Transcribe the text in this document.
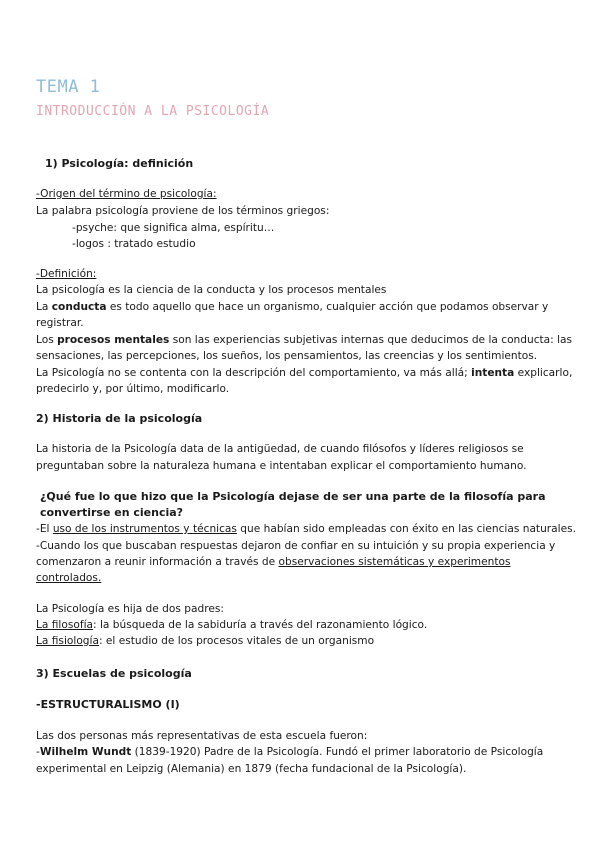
TEMA 1
INTRODUCCIÓN A LA PSICOLOGÍA
1) Psicología: definición
-Origen del término de psicología:
La palabra psicología proviene de los términos griegos:
-psyche: que significa alma, espíritu…
-logos : tratado estudio
-Definición:
La psicología es la ciencia de la conducta y los procesos mentales
La conducta es todo aquello que hace un organismo, cualquier acción que podamos observar y
registrar.
Los procesos mentales son las experiencias subjetivas internas que deducimos de la conducta: las
sensaciones, las percepciones, los sueños, los pensamientos, las creencias y los sentimientos.
La Psicología no se contenta con la descripción del comportamiento, va más allá; intenta explicarlo,
predecirlo y, por último, modificarlo.
2) Historia de la psicología
La historia de la Psicología data de la antigüedad, de cuando filósofos y líderes religiosos se
preguntaban sobre la naturaleza humana e intentaban explicar el comportamiento humano.
¿Qué fue lo que hizo que la Psicología dejase de ser una parte de la filosofía para
convertirse en ciencia?
-El uso de los instrumentos y técnicas que habían sido empleadas con éxito en las ciencias naturales.
-Cuando los que buscaban respuestas dejaron de confiar en su intuición y su propia experiencia y
comenzaron a reunir información a través de observaciones sistemáticas y experimentos
controlados.
La Psicología es hija de dos padres:
La filosofía: la búsqueda de la sabiduría a través del razonamiento lógico.
La fisiología: el estudio de los procesos vitales de un organismo
3) Escuelas de psicología
-ESTRUCTURALISMO (I)
Las dos personas más representativas de esta escuela fueron:
-Wilhelm Wundt (1839-1920) Padre de la Psicología. Fundó el primer laboratorio de Psicología
experimental en Leipzig (Alemania) en 1879 (fecha fundacional de la Psicología).
